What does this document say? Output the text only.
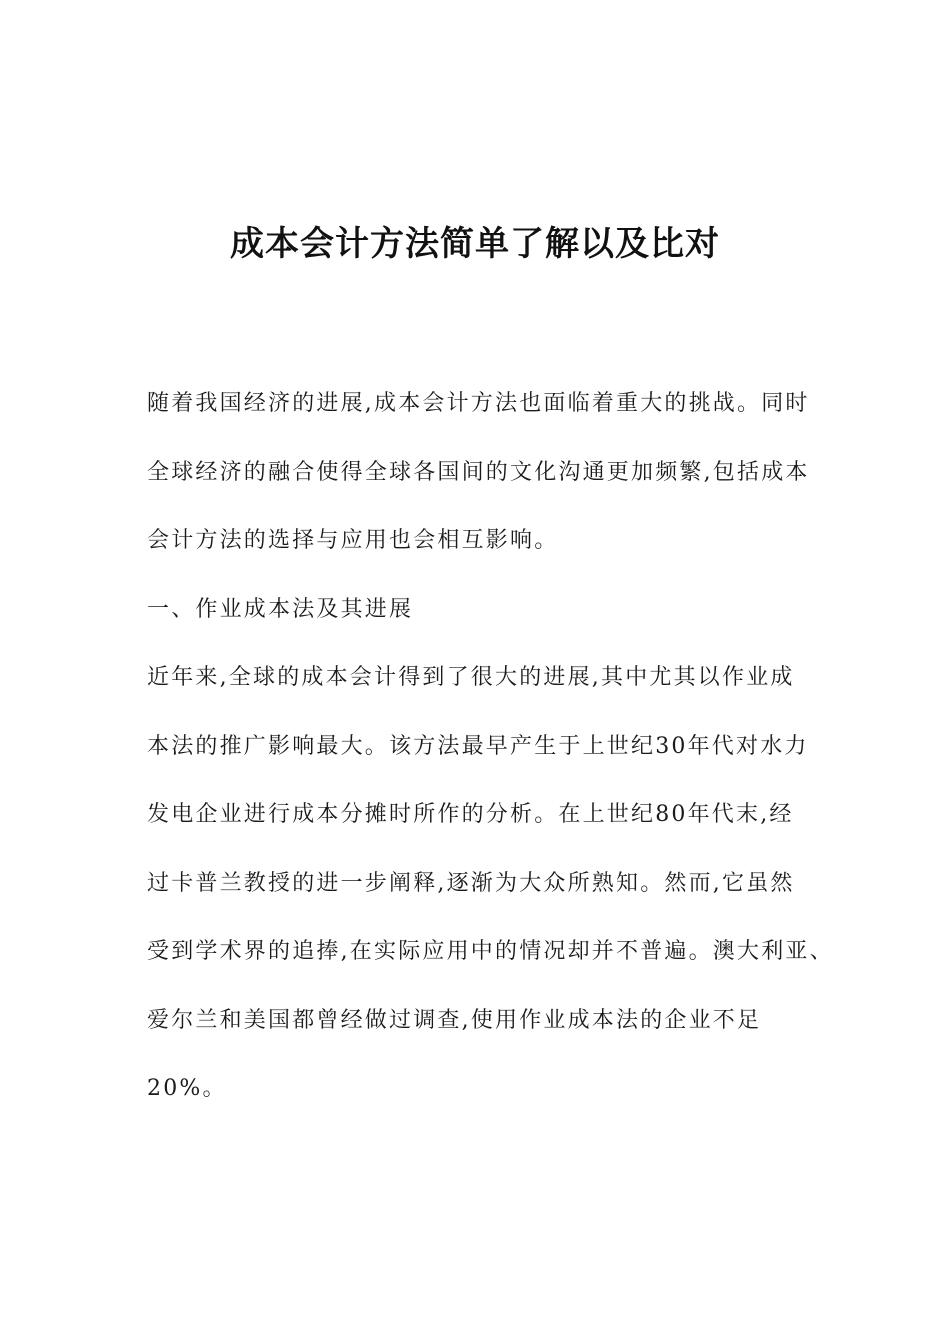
成本会计方法简单了解以及比对
随着我国经济的进展,成本会计方法也面临着重大的挑战。同时
全球经济的融合使得全球各国间的文化沟通更加频繁,包括成本
会计方法的选择与应用也会相互影响。
一、作业成本法及其进展
近年来,全球的成本会计得到了很大的进展,其中尤其以作业成
本法的推广影响最大。该方法最早产生于上世纪30年代对水力
发电企业进行成本分摊时所作的分析。在上世纪80年代末,经
过卡普兰教授的进一步阐释,逐渐为大众所熟知。然而,它虽然
受到学术界的追捧,在实际应用中的情况却并不普遍。澳大利亚、
爱尔兰和美国都曾经做过调查,使用作业成本法的企业不足
20%。
